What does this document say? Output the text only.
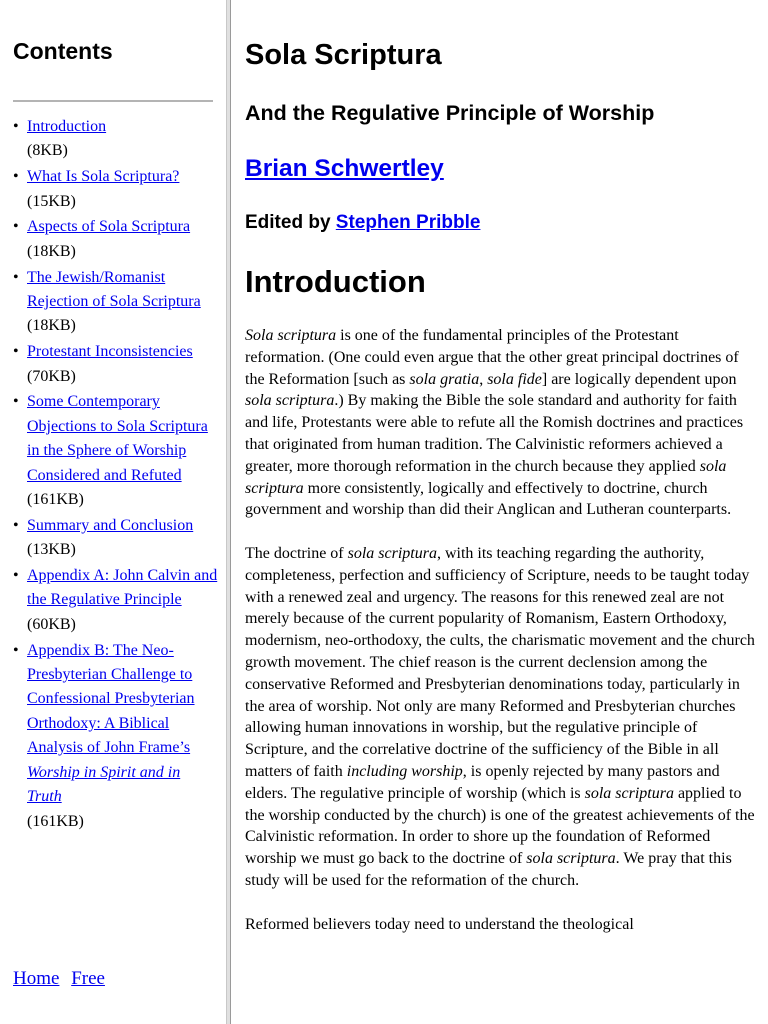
Contents
• Introduction
(8KB)
• What Is Sola Scriptura?
(15KB)
• Aspects of Sola Scriptura
(18KB)
• The Jewish/Romanist Rejection of Sola Scriptura
(18KB)
• Protestant Inconsistencies
(70KB)
• Some Contemporary Objections to Sola Scriptura in the Sphere of Worship Considered and Refuted
(161KB)
• Summary and Conclusion
(13KB)
• Appendix A: John Calvin and the Regulative Principle
(60KB)
• Appendix B: The Neo-Presbyterian Challenge to Confessional Presbyterian Orthodoxy: A Biblical Analysis of John Frame’s Worship in Spirit and in Truth
(161KB)
Home Free
Sola Scriptura
And the Regulative Principle of Worship
Brian Schwertley
Edited by Stephen Pribble
Introduction

Sola scriptura is one of the fundamental principles of the Protestant reformation. (One could even argue that the other great principal doctrines of the Reformation [such as sola gratia, sola fide] are logically dependent upon sola scriptura.) By making the Bible the sole standard and authority for faith and life, Protestants were able to refute all the Romish doctrines and practices that originated from human tradition. The Calvinistic reformers achieved a greater, more thorough reformation in the church because they applied sola scriptura more consistently, logically and effectively to doctrine, church government and worship than did their Anglican and Lutheran counterparts.

The doctrine of sola scriptura, with its teaching regarding the authority, completeness, perfection and sufficiency of Scripture, needs to be taught today with a renewed zeal and urgency. The reasons for this renewed zeal are not merely because of the current popularity of Romanism, Eastern Orthodoxy, modernism, neo-orthodoxy, the cults, the charismatic movement and the church growth movement. The chief reason is the current declension among the conservative Reformed and Presbyterian denominations today, particularly in the area of worship. Not only are many Reformed and Presbyterian churches allowing human innovations in worship, but the regulative principle of Scripture, and the correlative doctrine of the sufficiency of the Bible in all matters of faith including worship, is openly rejected by many pastors and elders. The regulative principle of worship (which is sola scriptura applied to the worship conducted by the church) is one of the greatest achievements of the Calvinistic reformation. In order to shore up the foundation of Reformed worship we must go back to the doctrine of sola scriptura. We pray that this study will be used for the reformation of the church.

Reformed believers today need to understand the theological
